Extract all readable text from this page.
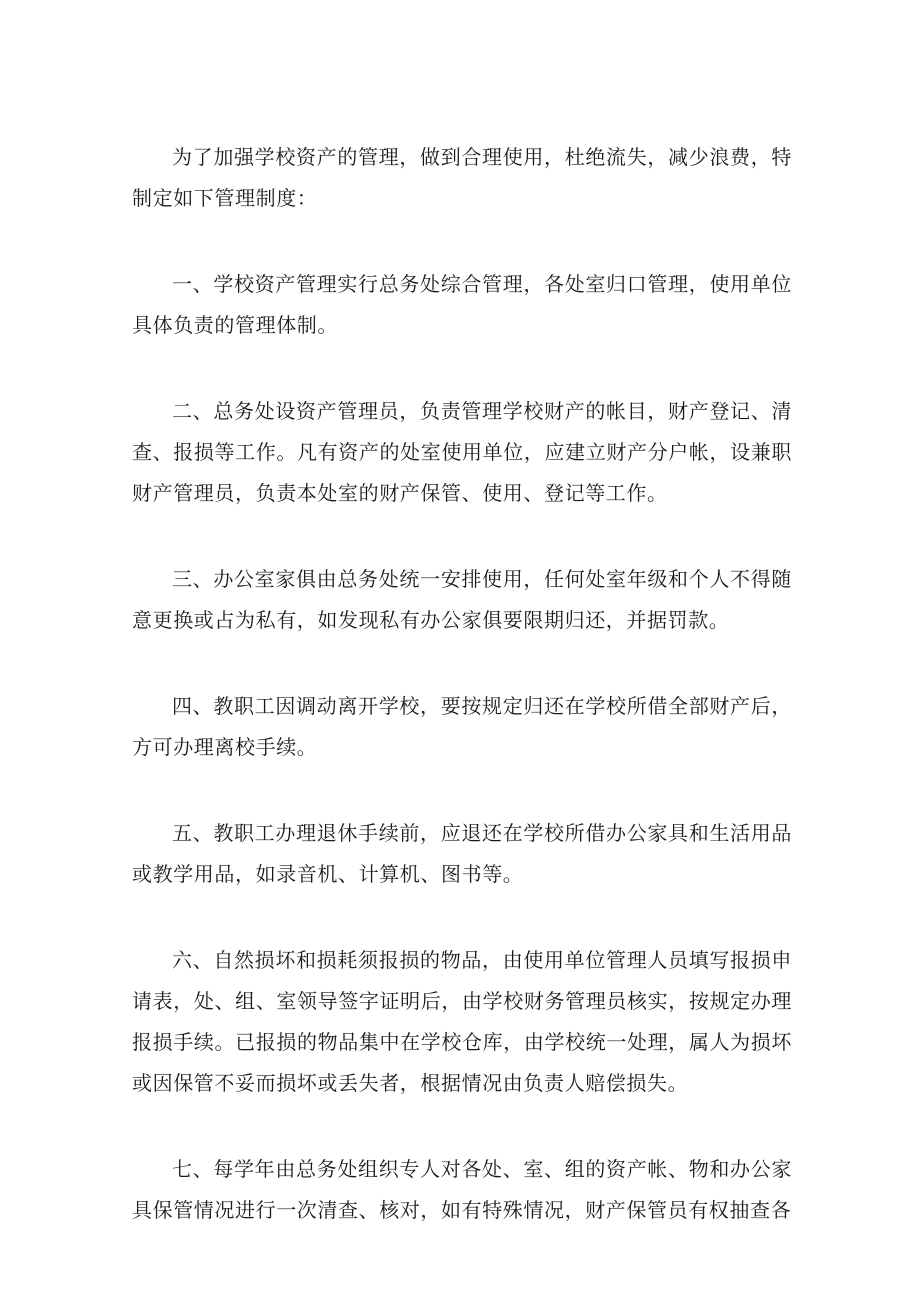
为了加强学校资产的管理，做到合理使用，杜绝流失，减少浪费，特制定如下管理制度：

一、学校资产管理实行总务处综合管理，各处室归口管理，使用单位具体负责的管理体制。

二、总务处设资产管理员，负责管理学校财产的帐目，财产登记、清查、报损等工作。凡有资产的处室使用单位，应建立财产分户帐，设兼职财产管理员，负责本处室的财产保管、使用、登记等工作。

三、办公室家俱由总务处统一安排使用，任何处室年级和个人不得随意更换或占为私有，如发现私有办公家俱要限期归还，并据罚款。

四、教职工因调动离开学校，要按规定归还在学校所借全部财产后，方可办理离校手续。

五、教职工办理退休手续前，应退还在学校所借办公家具和生活用品或教学用品，如录音机、计算机、图书等。

六、自然损坏和损耗须报损的物品，由使用单位管理人员填写报损申请表，处、组、室领导签字证明后，由学校财务管理员核实，按规定办理报损手续。已报损的物品集中在学校仓库，由学校统一处理，属人为损坏或因保管不妥而损坏或丢失者，根据情况由负责人赔偿损失。

七、每学年由总务处组织专人对各处、室、组的资产帐、物和办公家具保管情况进行一次清查、核对，如有特殊情况，财产保管员有权抽查各
